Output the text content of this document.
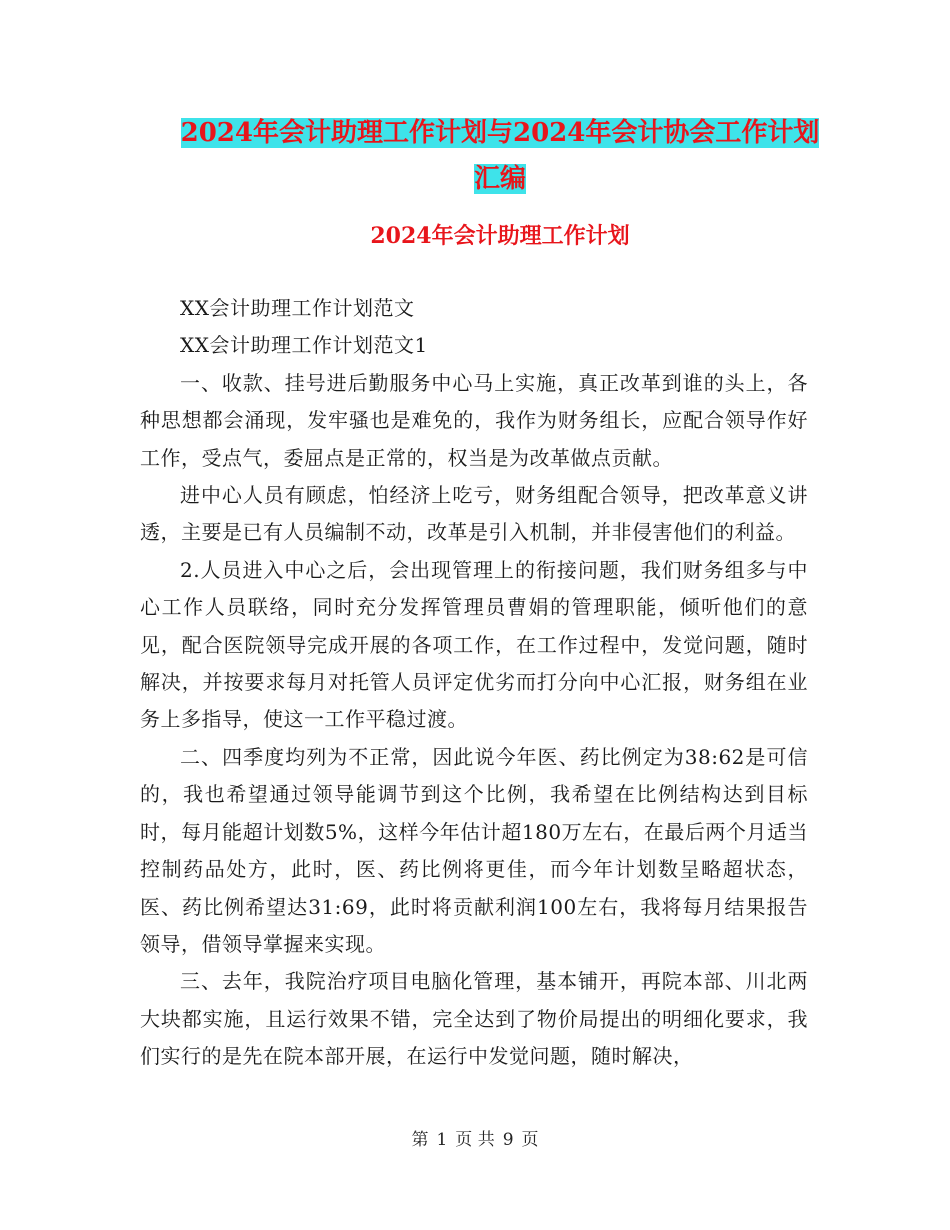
2024年会计助理工作计划与2024年会计协会工作计划
汇编
2024年会计助理工作计划

XX会计助理工作计划范文

XX会计助理工作计划范文1

一、收款、挂号进后勤服务中心马上实施，真正改革到谁的头上，各种思想都会涌现，发牢骚也是难免的，我作为财务组长，应配合领导作好工作，受点气，委屈点是正常的，权当是为改革做点贡献。

进中心人员有顾虑，怕经济上吃亏，财务组配合领导，把改革意义讲透，主要是已有人员编制不动，改革是引入机制，并非侵害他们的利益。

2.人员进入中心之后，会出现管理上的衔接问题，我们财务组多与中心工作人员联络，同时充分发挥管理员曹娟的管理职能，倾听他们的意见，配合医院领导完成开展的各项工作，在工作过程中，发觉问题，随时解决，并按要求每月对托管人员评定优劣而打分向中心汇报，财务组在业务上多指导，使这一工作平稳过渡。

二、四季度均列为不正常，因此说今年医、药比例定为38:62是可信的，我也希望通过领导能调节到这个比例，我希望在比例结构达到目标时，每月能超计划数5%，这样今年估计超180万左右，在最后两个月适当控制药品处方，此时，医、药比例将更佳，而今年计划数呈略超状态，医、药比例希望达31:69，此时将贡献利润100左右，我将每月结果报告领导，借领导掌握来实现。

三、去年，我院治疗项目电脑化管理，基本铺开，再院本部、川北两大块都实施，且运行效果不错，完全达到了物价局提出的明细化要求，我们实行的是先在院本部开展，在运行中发觉问题，随时解决，

第 1 页 共 9 页
